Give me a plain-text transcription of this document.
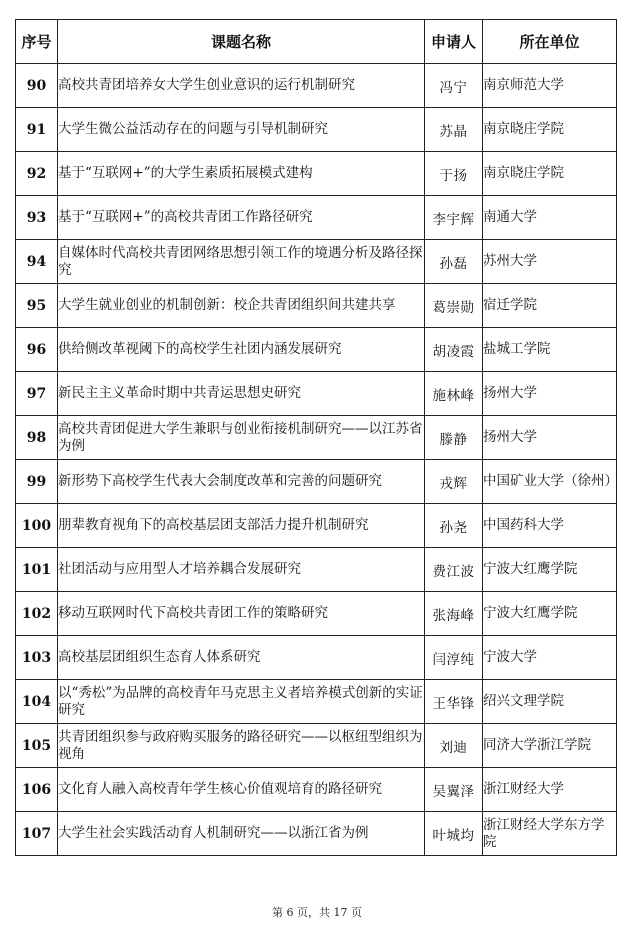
序号	课题名称	申请人	所在单位
90	高校共青团培养女大学生创业意识的运行机制研究	冯宁	南京师范大学
91	大学生微公益活动存在的问题与引导机制研究	苏晶	南京晓庄学院
92	基于“互联网+”的大学生素质拓展模式建构	于扬	南京晓庄学院
93	基于“互联网+”的高校共青团工作路径研究	李宇辉	南通大学
94	自媒体时代高校共青团网络思想引领工作的境遇分析及路径探究	孙磊	苏州大学
95	大学生就业创业的机制创新：校企共青团组织间共建共享	葛崇勋	宿迁学院
96	供给侧改革视阈下的高校学生社团内涵发展研究	胡凌霞	盐城工学院
97	新民主主义革命时期中共青运思想史研究	施林峰	扬州大学
98	高校共青团促进大学生兼职与创业衔接机制研究——以江苏省为例	滕静	扬州大学
99	新形势下高校学生代表大会制度改革和完善的问题研究	戎辉	中国矿业大学（徐州）
100	朋辈教育视角下的高校基层团支部活力提升机制研究	孙尧	中国药科大学
101	社团活动与应用型人才培养耦合发展研究	费江波	宁波大红鹰学院
102	移动互联网时代下高校共青团工作的策略研究	张海峰	宁波大红鹰学院
103	高校基层团组织生态育人体系研究	闫淳纯	宁波大学
104	以“秀松”为品牌的高校青年马克思主义者培养模式创新的实证研究	王华锋	绍兴文理学院
105	共青团组织参与政府购买服务的路径研究——以枢纽型组织为视角	刘迪	同济大学浙江学院
106	文化育人融入高校青年学生核心价值观培育的路径研究	吴翼泽	浙江财经大学
107	大学生社会实践活动育人机制研究——以浙江省为例	叶城均	浙江财经大学东方学院
第 6 页，共 17 页
